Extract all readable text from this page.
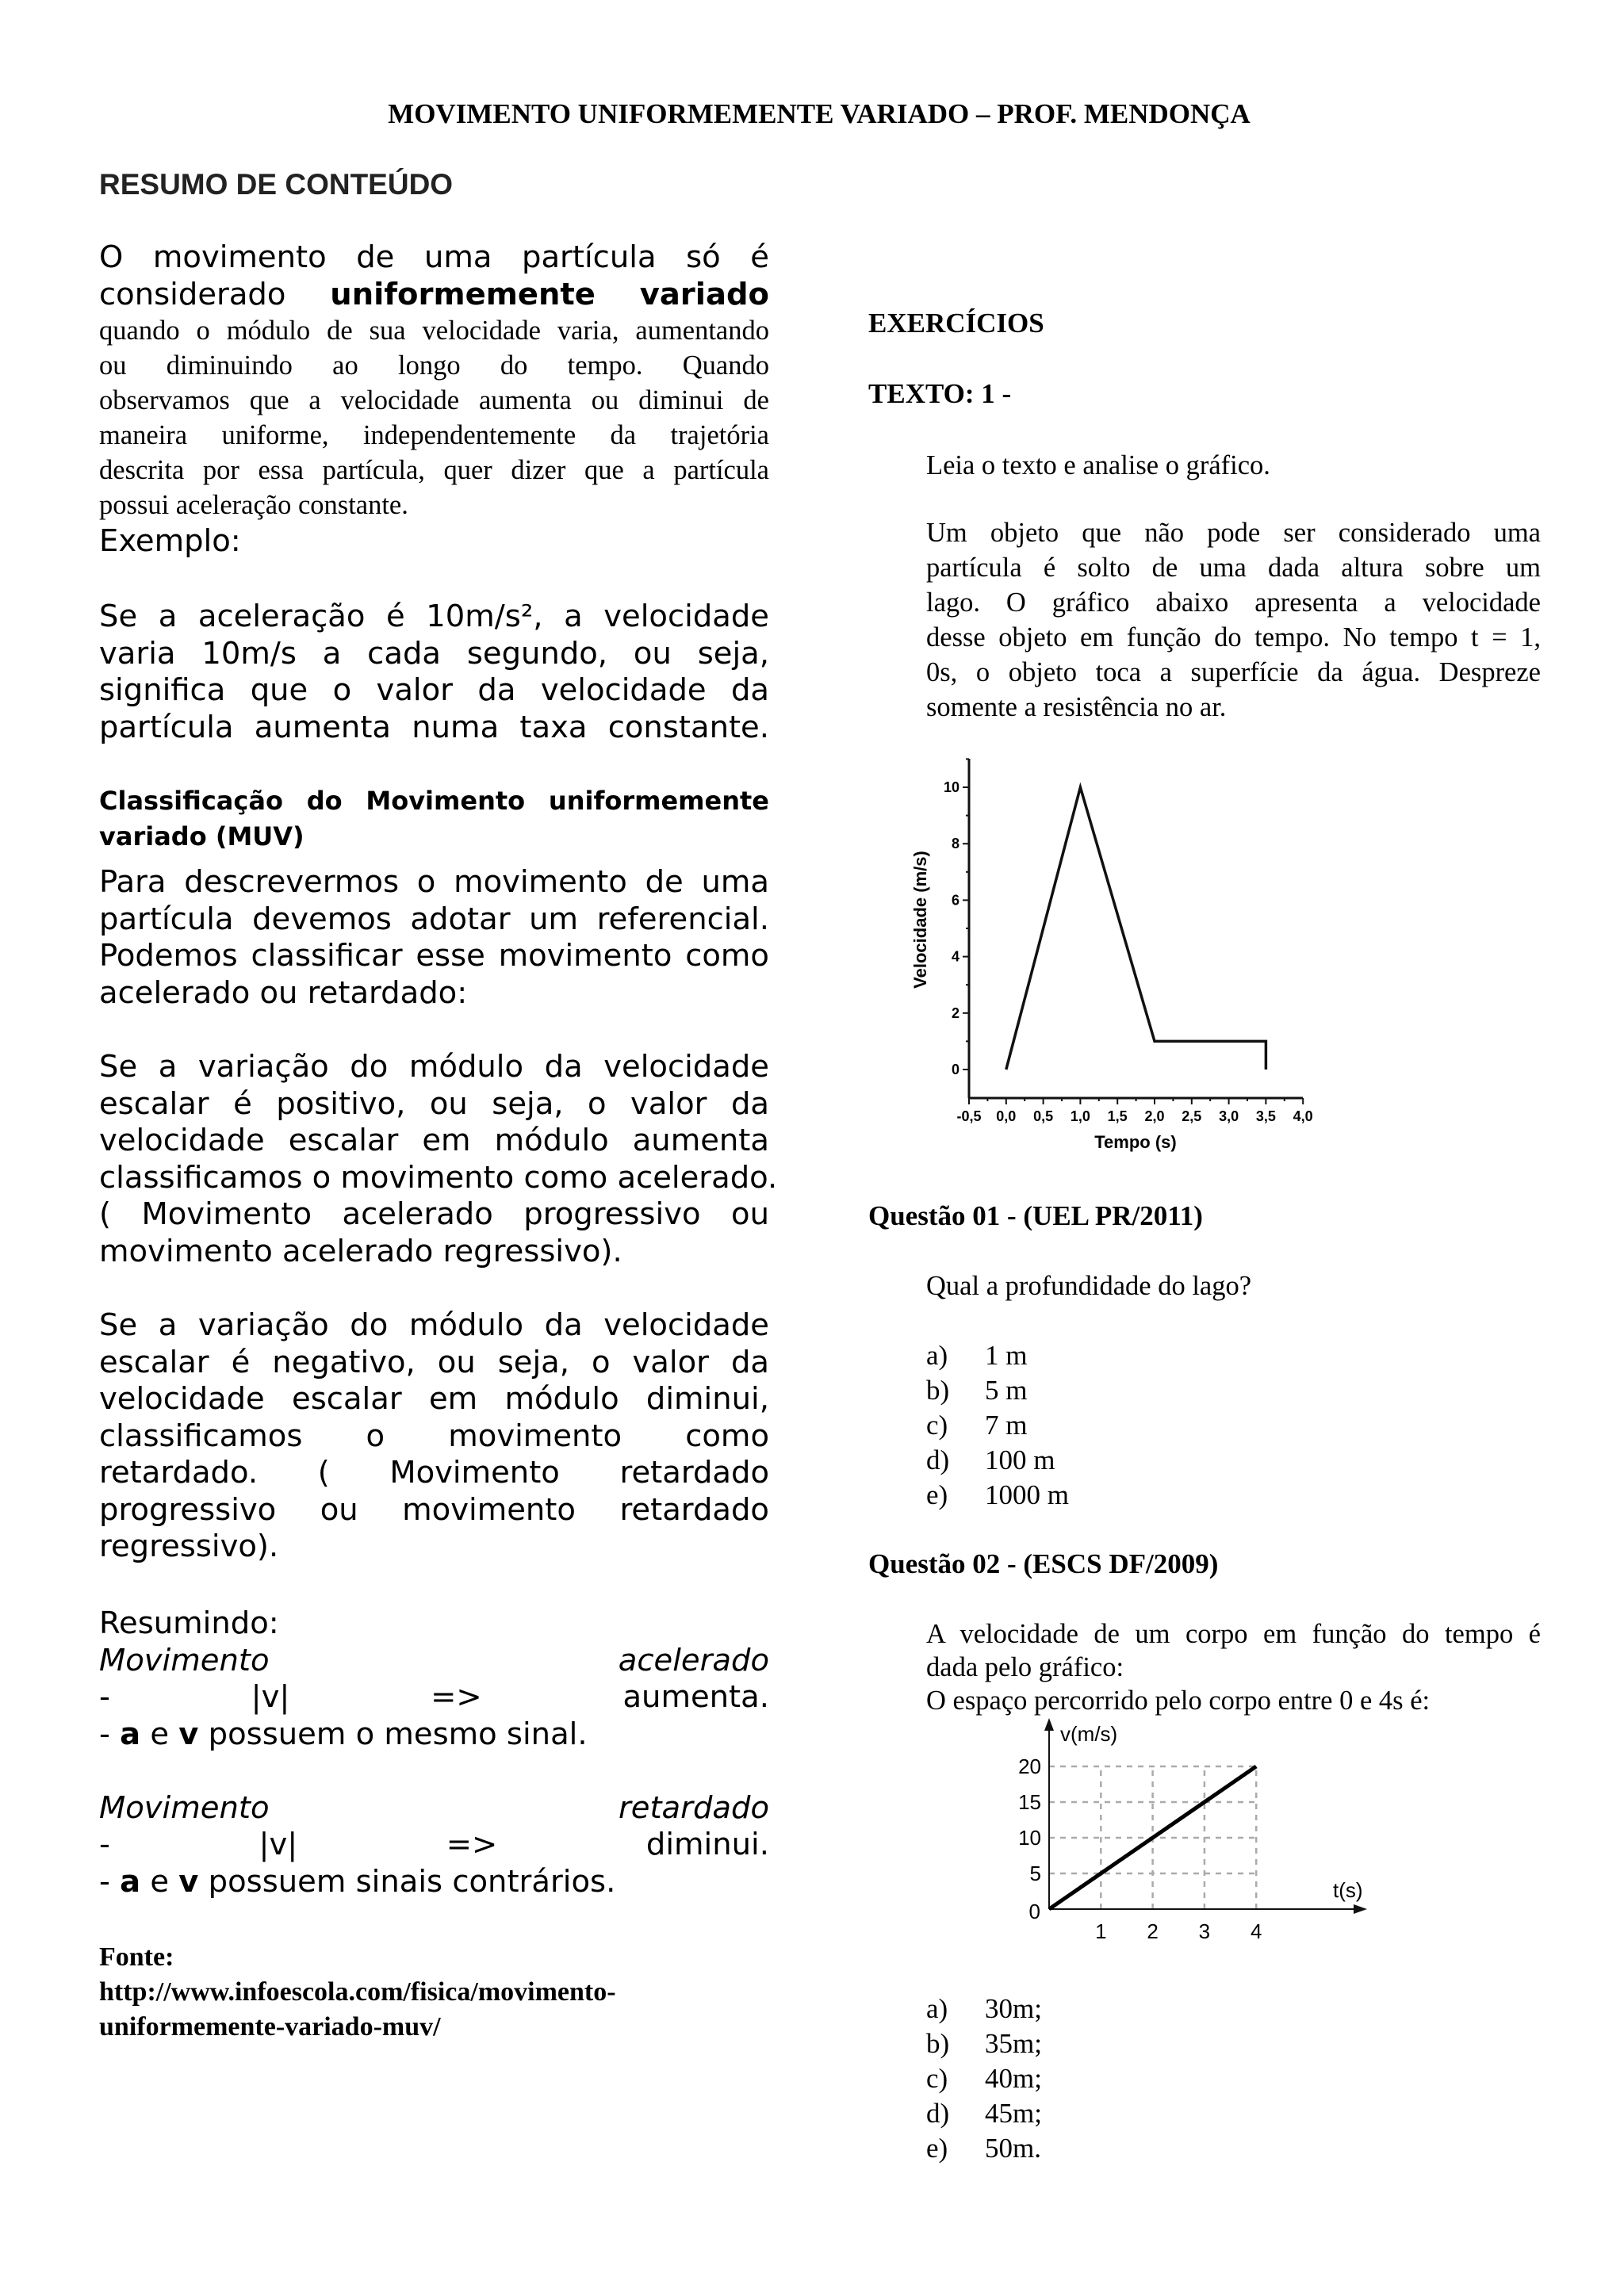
MOVIMENTO UNIFORMEMENTE VARIADO – PROF. MENDONÇA
RESUMO DE CONTEÚDO
O movimento de uma partícula só é
considerado uniformemente variado
quando o módulo de sua velocidade varia, aumentando
ou diminuindo ao longo do tempo. Quando
observamos que a velocidade aumenta ou diminui de
maneira uniforme, independentemente da trajetória
descrita por essa partícula, quer dizer que a partícula
possui aceleração constante.
Exemplo:
Se a aceleração é 10m/s², a velocidade
varia 10m/s a cada segundo, ou seja,
significa que o valor da velocidade da
partícula aumenta numa taxa constante.
Classificação do Movimento uniformemente
variado (MUV)
Para descrevermos o movimento de uma
partícula devemos adotar um referencial.
Podemos classificar esse movimento como
acelerado ou retardado:
Se a variação do módulo da velocidade
escalar é positivo, ou seja, o valor da
velocidade escalar em módulo aumenta
classificamos o movimento como acelerado.
( Movimento acelerado progressivo ou
movimento acelerado regressivo).
Se a variação do módulo da velocidade
escalar é negativo, ou seja, o valor da
velocidade escalar em módulo diminui,
classificamos o movimento como
retardado. ( Movimento retardado
progressivo ou movimento retardado
regressivo).
Resumindo:
Movimento	acelerado
-	|v|	=>	aumenta.
- a e v possuem o mesmo sinal.

Movimento	retardado
-	|v|	=>	diminui.
- a e v possuem sinais contrários.
Fonte:
http://www.infoescola.com/fisica/movimento-
uniformemente-variado-muv/
EXERCÍCIOS
TEXTO: 1 -
Leia o texto e analise o gráfico.
Um objeto que não pode ser considerado uma
partícula é solto de uma dada altura sobre um
lago. O gráfico abaixo apresenta a velocidade
desse objeto em função do tempo. No tempo t = 1,
0s, o objeto toca a superfície da água. Despreze
somente a resistência no ar.
-0,5 0,0 0,5 1,0 1,5 2,0 2,5 3,0 3,5 4,0
0
2
4
6
8
10
Tempo (s)
Velocidade (m/s)
Questão 01 - (UEL PR/2011)
Qual a profundidade do lago?
a) 1 m
b) 5 m
c) 7 m
d) 100 m
e) 1000 m
Questão 02 - (ESCS DF/2009)
A velocidade de um corpo em função do tempo é
dada pelo gráfico:
O espaço percorrido pelo corpo entre 0 e 4s é:
1 2 3 4
0
5
10
15
20
v(m/s)
t(s)
a) 30m;
b) 35m;
c) 40m;
d) 45m;
e) 50m.
